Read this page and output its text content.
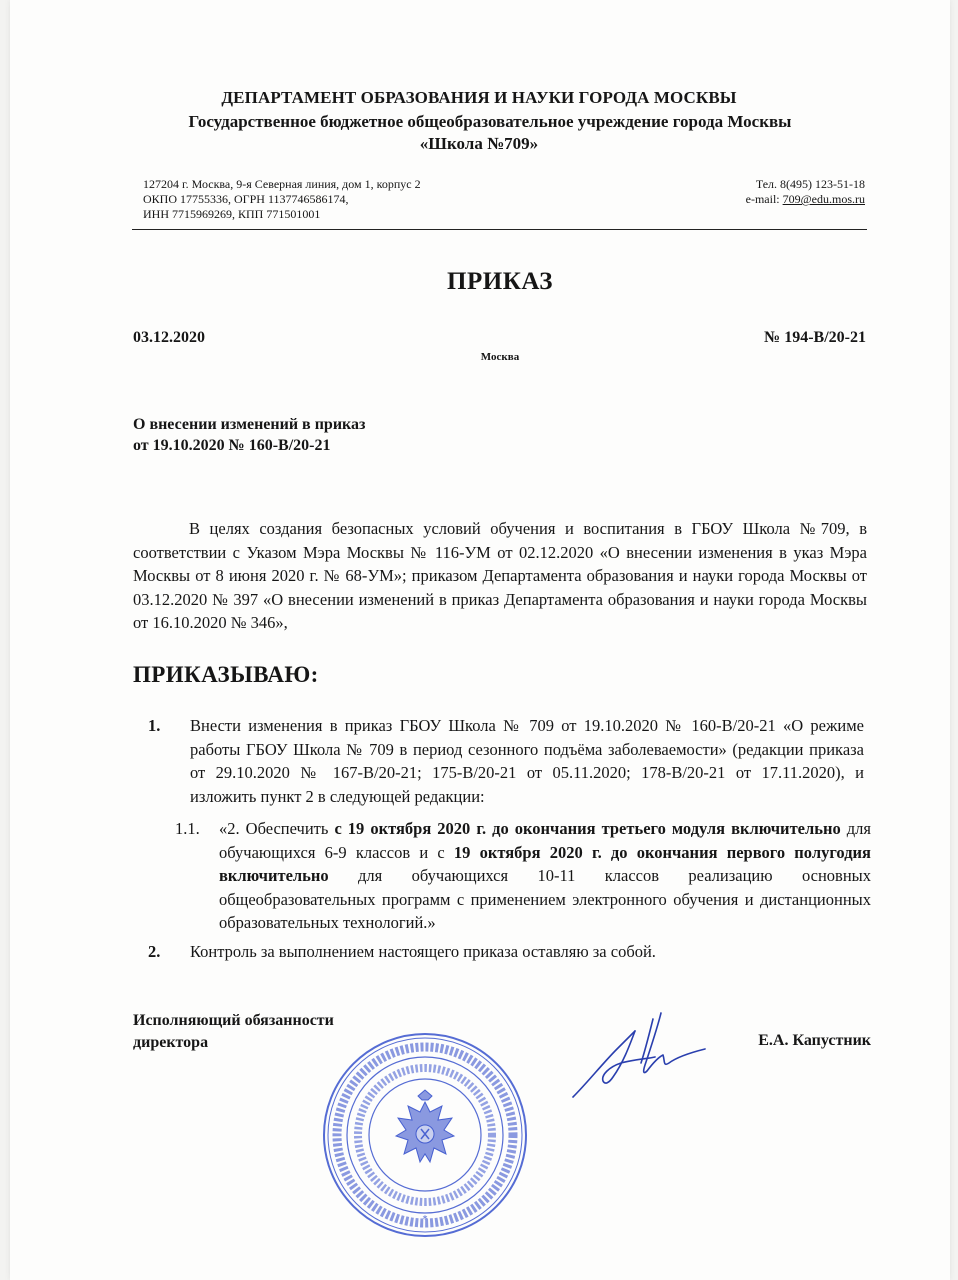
ДЕПАРТАМЕНТ ОБРАЗОВАНИЯ И НАУКИ ГОРОДА МОСКВЫ
Государственное бюджетное общеобразовательное учреждение города Москвы
«Школа №709»
127204 г. Москва, 9-я Северная линия, дом 1, корпус 2
ОКПО 17755336, ОГРН 1137746586174,
ИНН 7715969269, КПП 771501001
Тел. 8(495) 123-51-18
e-mail: 709@edu.mos.ru
ПРИКАЗ
03.12.2020	№ 194-В/20-21
Москва
О внесении изменений в приказ
от 19.10.2020 № 160-В/20-21
В целях создания безопасных условий обучения и воспитания в ГБОУ Школа №709, в соответствии с Указом Мэра Москвы № 116-УМ от 02.12.2020 «О внесении изменения в указ Мэра Москвы от 8 июня 2020 г. № 68-УМ»; приказом Департамента образования и науки города Москвы от 03.12.2020 № 397 «О внесении изменений в приказ Департамента образования и науки города Москвы от 16.10.2020 № 346»,
ПРИКАЗЫВАЮ:
1. Внести изменения в приказ ГБОУ Школа № 709 от 19.10.2020 № 160-В/20-21 «О режиме работы ГБОУ Школа № 709 в период сезонного подъёма заболеваемости» (редакции приказа от 29.10.2020 № 167-В/20-21; 175-В/20-21 от 05.11.2020; 178-В/20-21 от 17.11.2020), и изложить пункт 2 в следующей редакции:
1.1. «2. Обеспечить с 19 октября 2020 г. до окончания третьего модуля включительно для обучающихся 6-9 классов и с 19 октября 2020 г. до окончания первого полугодия включительно для обучающихся 10-11 классов реализацию основных общеобразовательных программ с применением электронного обучения и дистанционных образовательных технологий.»
2. Контроль за выполнением настоящего приказа оставляю за собой.
Исполняющий обязанности
директора	Е.А. Капустник
*
